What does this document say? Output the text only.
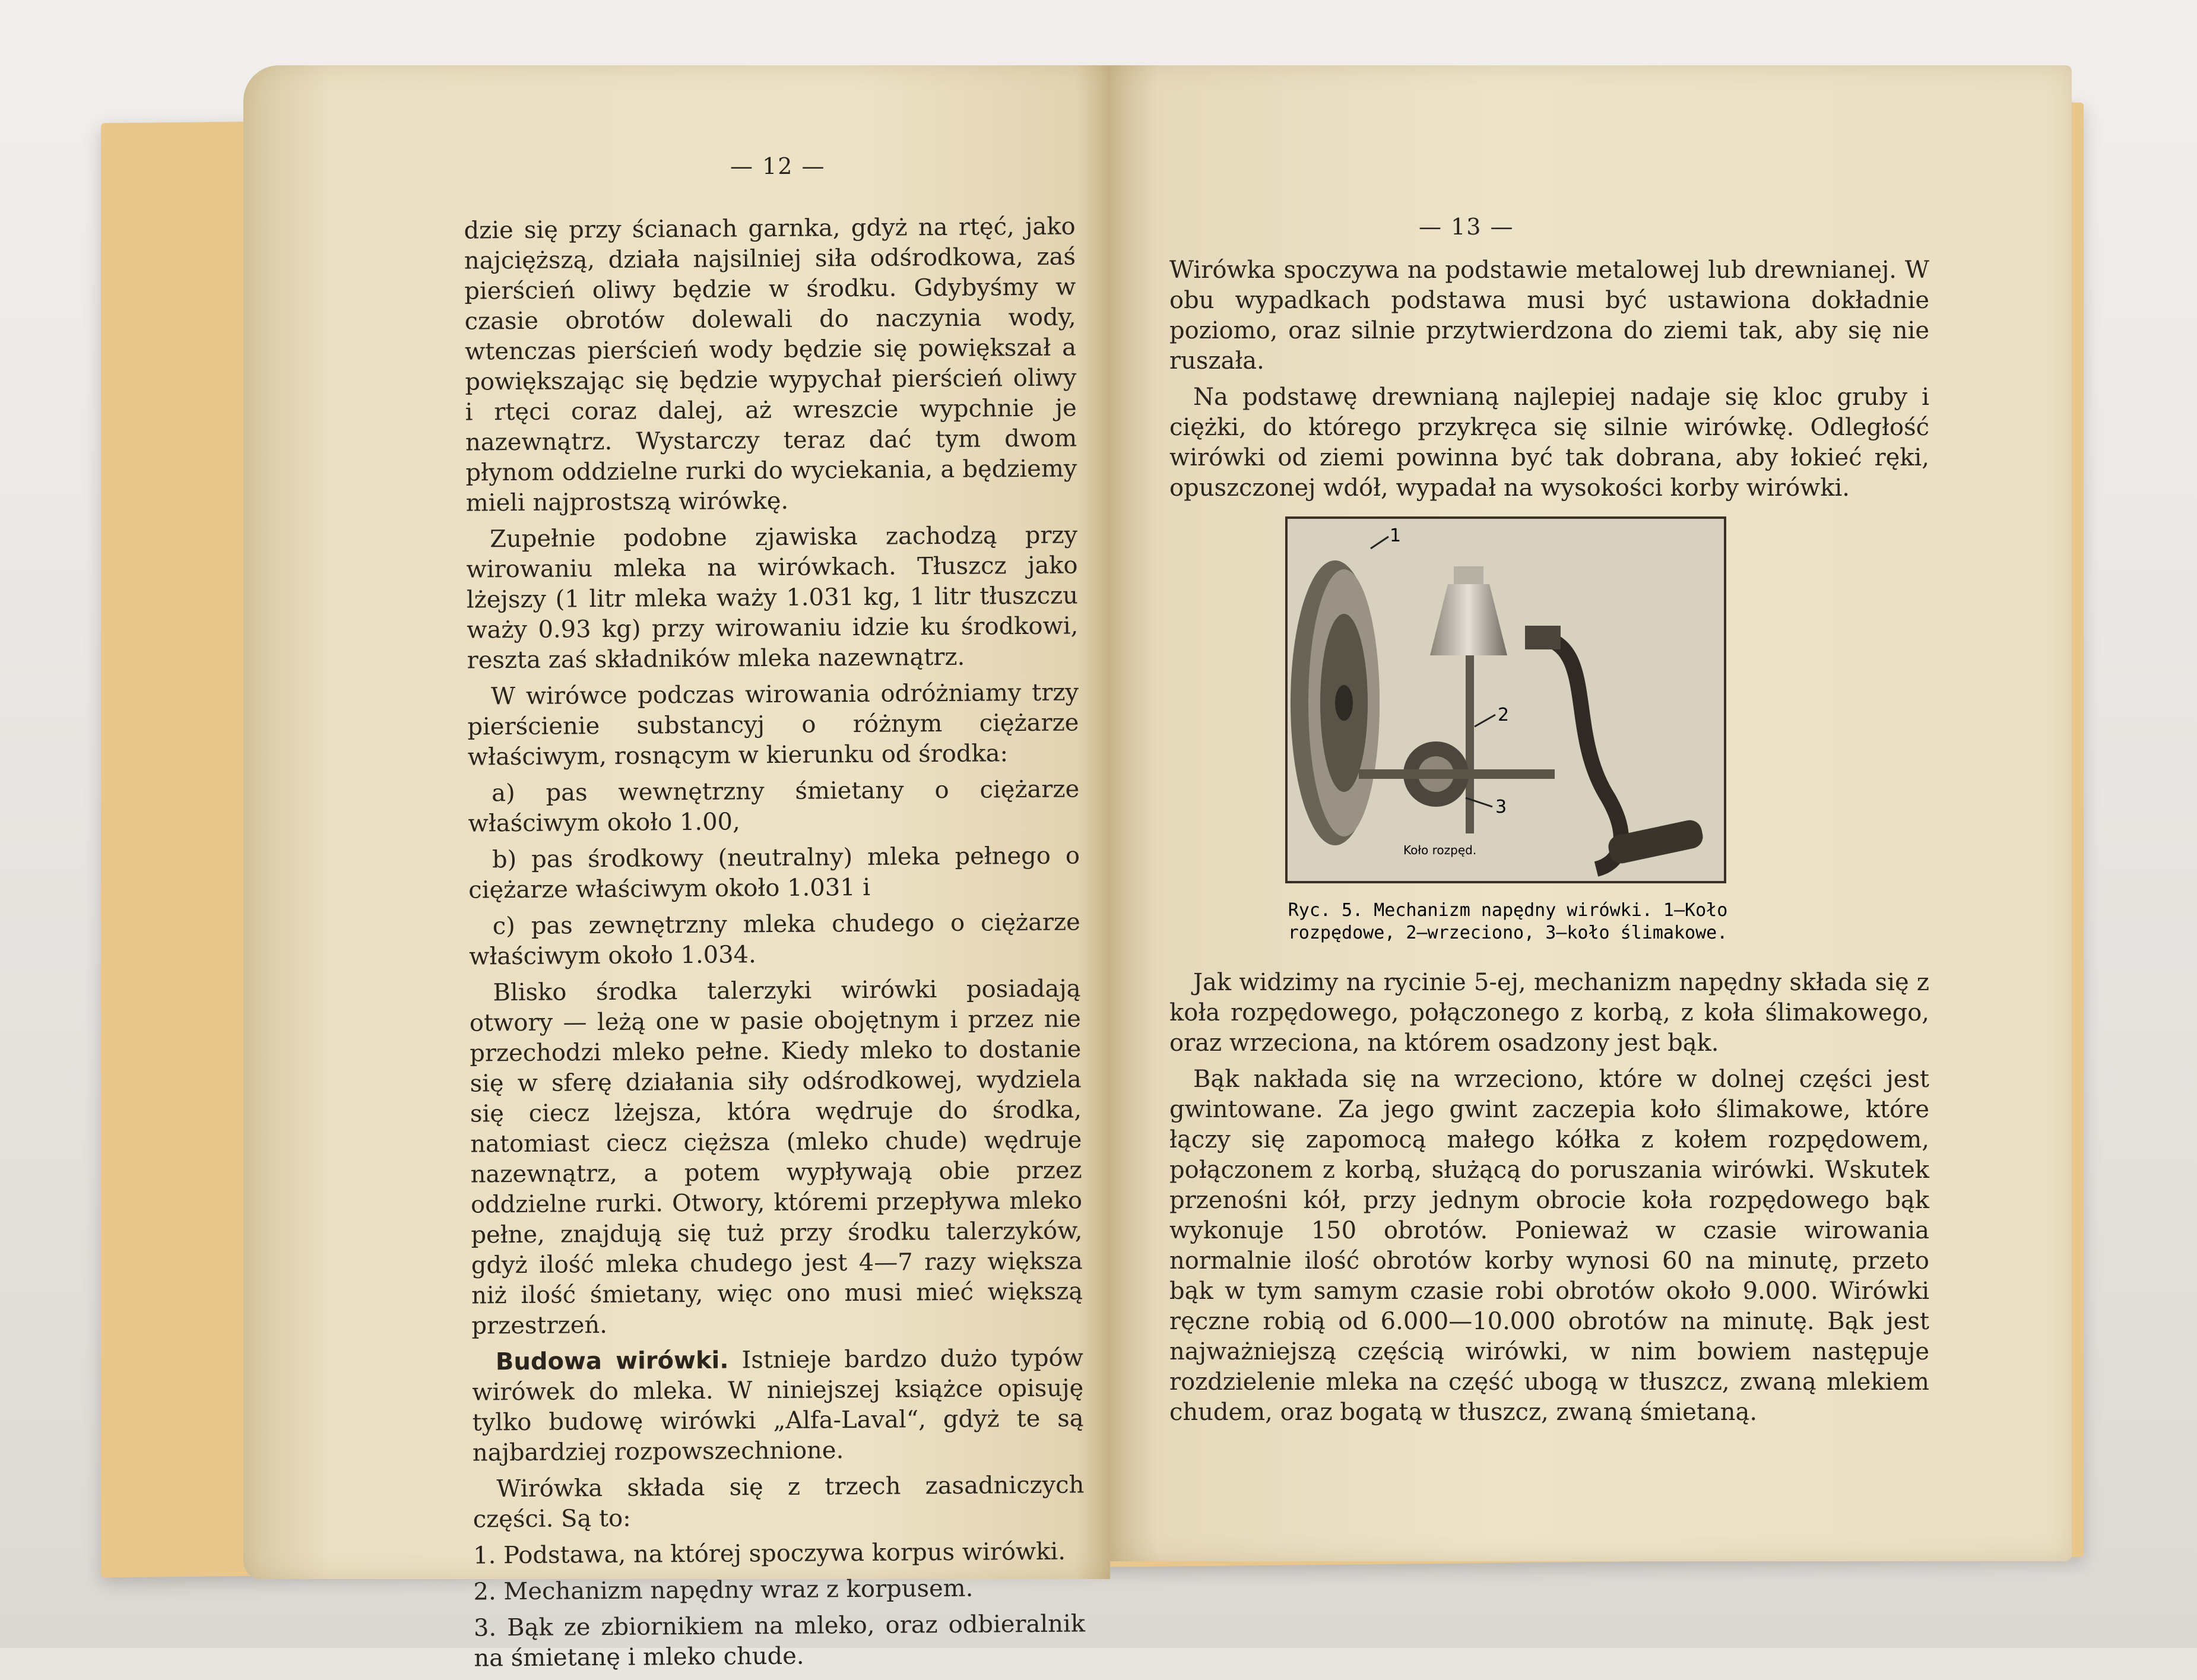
— 12 —

dzie się przy ścianach garnka, gdyż na rtęć, jako najcięższą, działa najsilniej siła odśrodkowa, zaś pierścień oliwy będzie w środku. Gdybyśmy w czasie obrotów dolewali do naczynia wody, wtenczas pierścień wody będzie się powiększał a powiększając się będzie wypychał pierścień oliwy i rtęci coraz dalej, aż wreszcie wypchnie je nazewnątrz. Wystarczy teraz dać tym dwom płynom oddzielne rurki do wyciekania, a będziemy mieli najprostszą wirówkę.

Zupełnie podobne zjawiska zachodzą przy wirowaniu mleka na wirówkach. Tłuszcz jako lżejszy (1 litr mleka waży 1.031 kg, 1 litr tłuszczu waży 0.93 kg) przy wirowaniu idzie ku środkowi, reszta zaś składników mleka nazewnątrz.

W wirówce podczas wirowania odróżniamy trzy pierścienie substancyj o różnym ciężarze właściwym, rosnącym w kierunku od środka:

a) pas wewnętrzny śmietany o ciężarze właściwym około 1.00,

b) pas środkowy (neutralny) mleka pełnego o ciężarze właściwym około 1.031 i

c) pas zewnętrzny mleka chudego o ciężarze właściwym około 1.034.

Blisko środka talerzyki wirówki posiadają otwory — leżą one w pasie obojętnym i przez nie przechodzi mleko pełne. Kiedy mleko to dostanie się w sferę działania siły odśrodkowej, wydziela się ciecz lżejsza, która wędruje do środka, natomiast ciecz cięższa (mleko chude) wędruje nazewnątrz, a potem wypływają obie przez oddzielne rurki. Otwory, któremi przepływa mleko pełne, znajdują się tuż przy środku talerzyków, gdyż ilość mleka chudego jest 4—7 razy większa niż ilość śmietany, więc ono musi mieć większą przestrzeń.

Budowa wirówki. Istnieje bardzo dużo typów wirówek do mleka. W niniejszej książce opisuję tylko budowę wirówki „Alfa-Laval“, gdyż te są najbardziej rozpowszechnione.

Wirówka składa się z trzech zasadniczych części. Są to:

1. Podstawa, na której spoczywa korpus wirówki.

2. Mechanizm napędny wraz z korpusem.

3. Bąk ze zbiornikiem na mleko, oraz odbieralnik na śmietanę i mleko chude.

— 13 —

Wirówka spoczywa na podstawie metalowej lub drewnianej. W obu wypadkach podstawa musi być ustawiona dokładnie poziomo, oraz silnie przytwierdzona do ziemi tak, aby się nie ruszała.

Na podstawę drewnianą najlepiej nadaje się kloc gruby i ciężki, do którego przykręca się silnie wirówkę. Odległość wirówki od ziemi powinna być tak dobrana, aby łokieć ręki, opuszczonej wdół, wypadał na wysokości korby wirówki.

Jak widzimy na rycinie 5-ej, mechanizm napędny składa się z koła rozpędowego, połączonego z korbą, z koła ślimakowego, oraz wrzeciona, na którem osadzony jest bąk.

Bąk nakłada się na wrzeciono, które w dolnej części jest gwintowane. Za jego gwint zaczepia koło ślimakowe, które łączy się zapomocą małego kółka z kołem rozpędowem, połączonem z korbą, służącą do poruszania wirówki. Wskutek przenośni kół, przy jednym obrocie koła rozpędowego bąk wykonuje 150 obrotów. Ponieważ w czasie wirowania normalnie ilość obrotów korby wynosi 60 na minutę, przeto bąk w tym samym czasie robi obrotów około 9.000. Wirówki ręczne robią od 6.000—10.000 obrotów na minutę. Bąk jest najważniejszą częścią wirówki, w nim bowiem następuje rozdzielenie mleka na część ubogą w tłuszcz, zwaną mlekiem chudem, oraz bogatą w tłuszcz, zwaną śmietaną.

1
2
3
Koło rozpęd.
Ryc. 5. Mechanizm napędny wirówki. 1—Koło rozpędowe, 2—wrzeciono, 3—koło ślimakowe.
